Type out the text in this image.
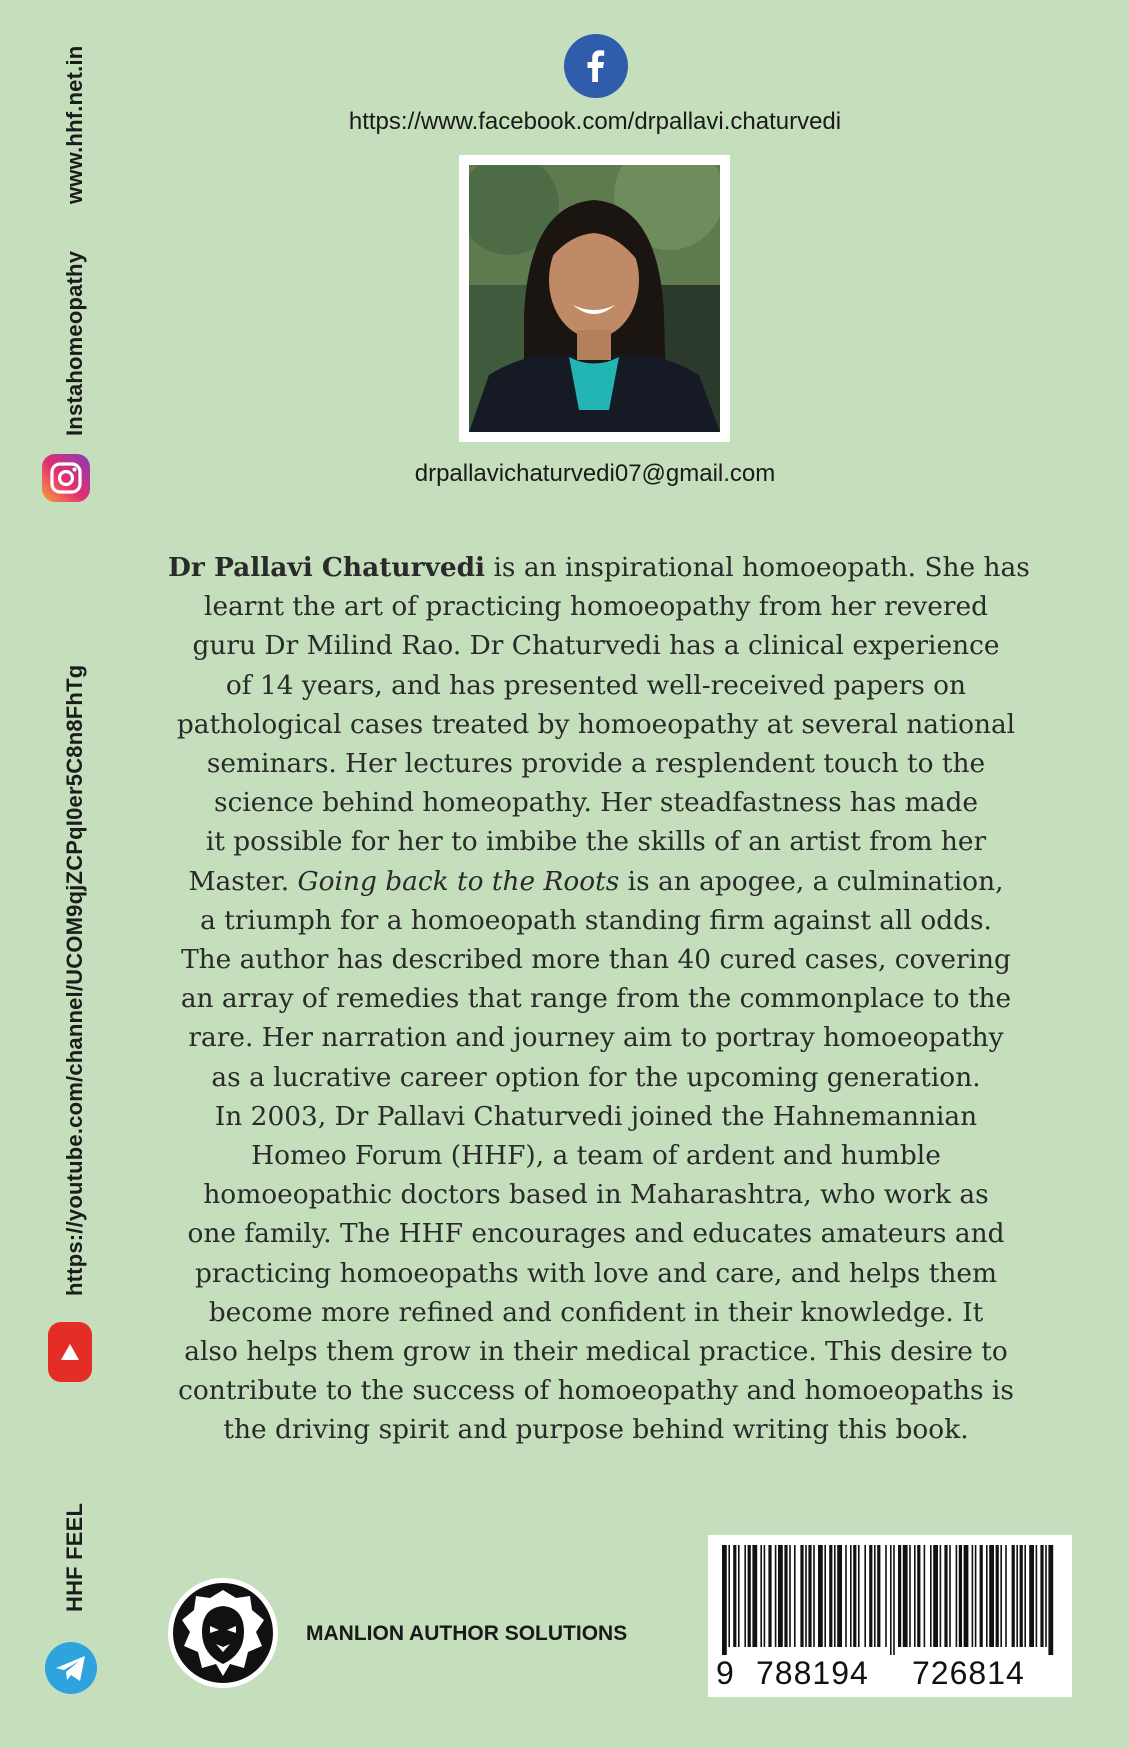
www.hhf.net.in
Instahomeopathy
https://youtube.com/channel/UCOM9qjZCPqI0er5C8n8FhTg
HHF FEEL
https://www.facebook.com/drpallavi.chaturvedi
drpallavichaturvedi07@gmail.com
Dr Pallavi Chaturvedi is an inspirational homoeopath. She has
learnt the art of practicing homoeopathy from her revered
guru Dr Milind Rao. Dr Chaturvedi has a clinical experience
of 14 years, and has presented well-received papers on
pathological cases treated by homoeopathy at several national
seminars. Her lectures provide a resplendent touch to the
science behind homeopathy. Her steadfastness has made
it possible for her to imbibe the skills of an artist from her
Master. Going back to the Roots is an apogee, a culmination,
a triumph for a homoeopath standing firm against all odds.
The author has described more than 40 cured cases, covering
an array of remedies that range from the commonplace to the
rare. Her narration and journey aim to portray homoeopathy
as a lucrative career option for the upcoming generation.
In 2003, Dr Pallavi Chaturvedi joined the Hahnemannian
Homeo Forum (HHF), a team of ardent and humble
homoeopathic doctors based in Maharashtra, who work as
one family. The HHF encourages and educates amateurs and
practicing homoeopaths with love and care, and helps them
become more refined and confident in their knowledge. It
also helps them grow in their medical practice. This desire to
contribute to the success of homoeopathy and homoeopaths is
the driving spirit and purpose behind writing this book.
MANLION AUTHOR SOLUTIONS
9 788194 726814
